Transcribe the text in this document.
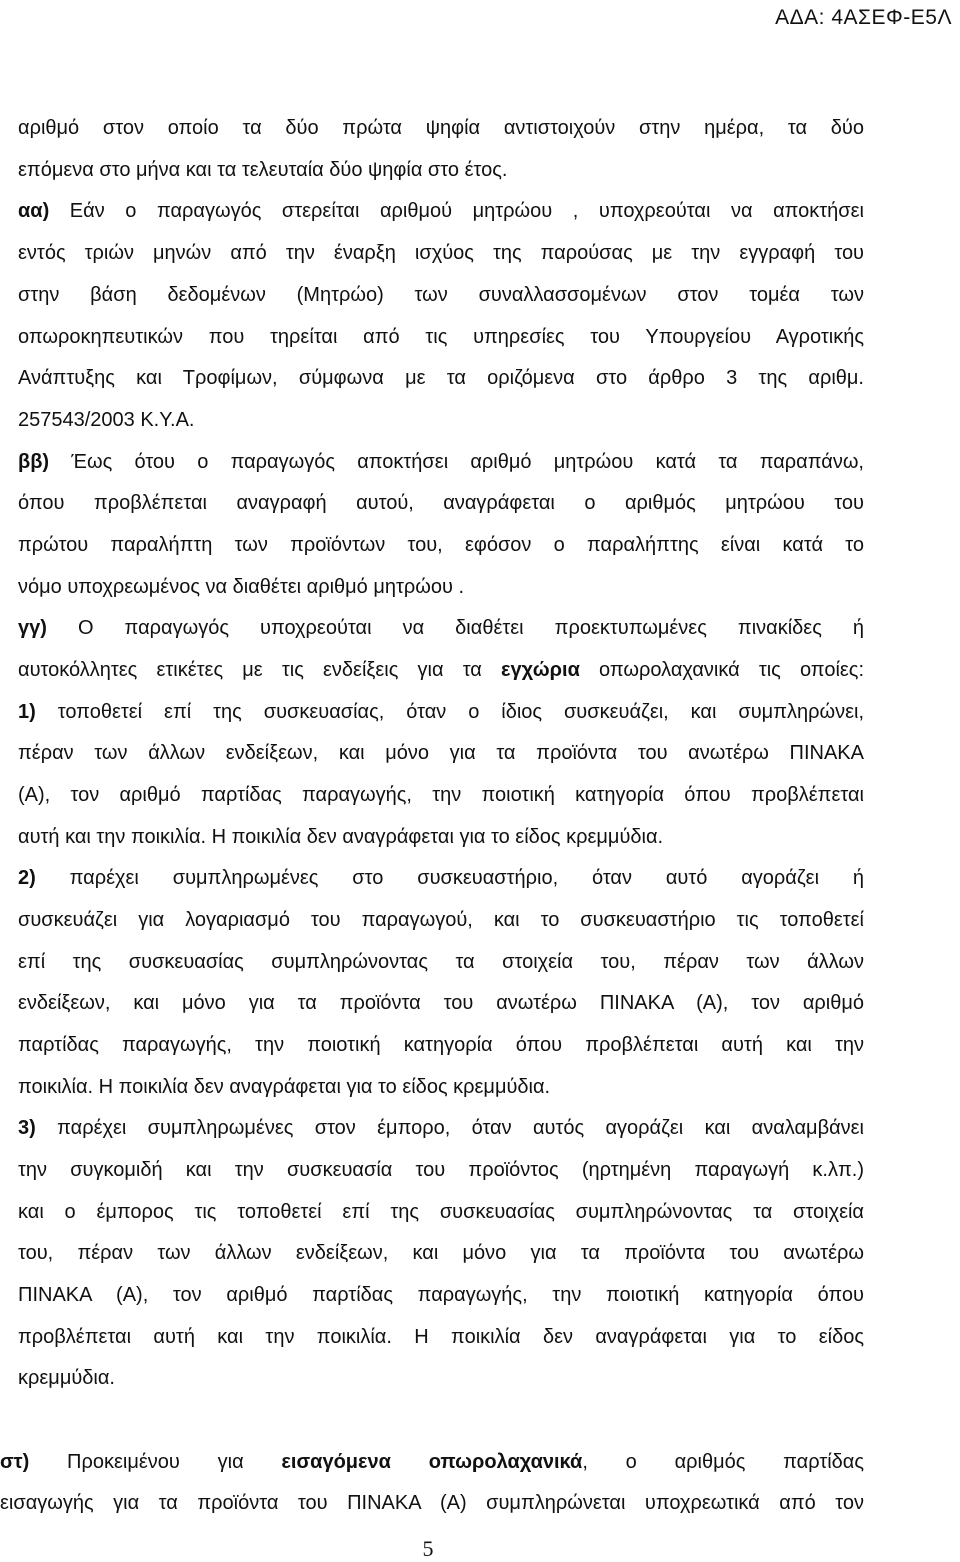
ΑΔΑ: 4ΑΣΕΦ-Ε5Λ
αριθμό στον οποίο τα δύο πρώτα ψηφία αντιστοιχούν στην ημέρα, τα δύο
επόμενα στο μήνα και τα τελευταία δύο ψηφία στο έτος.
αα) Εάν ο παραγωγός στερείται αριθμού μητρώου , υποχρεούται να αποκτήσει
εντός τριών μηνών από την έναρξη ισχύος της παρούσας με την εγγραφή του
στην βάση δεδομένων (Μητρώο) των συναλλασσομένων στον τομέα των
οπωροκηπευτικών που τηρείται από τις υπηρεσίες του Υπουργείου Αγροτικής
Ανάπτυξης και Τροφίμων, σύμφωνα με τα οριζόμενα στο άρθρο 3 της αριθμ.
257543/2003 Κ.Υ.Α.
ββ) Έως ότου ο παραγωγός αποκτήσει αριθμό μητρώου κατά τα παραπάνω,
όπου προβλέπεται αναγραφή αυτού, αναγράφεται ο αριθμός μητρώου του
πρώτου παραλήπτη των προϊόντων του, εφόσον ο παραλήπτης είναι κατά το
νόμο υποχρεωμένος να διαθέτει αριθμό μητρώου .
γγ) Ο παραγωγός υποχρεούται να διαθέτει προεκτυπωμένες πινακίδες ή
αυτοκόλλητες ετικέτες με τις ενδείξεις για τα εγχώρια οπωρολαχανικά τις οποίες:
1) τοποθετεί επί της συσκευασίας, όταν ο ίδιος συσκευάζει, και συμπληρώνει,
πέραν των άλλων ενδείξεων, και μόνο για τα προϊόντα του ανωτέρω ΠΙΝΑΚΑ
(Α), τον αριθμό παρτίδας παραγωγής, την ποιοτική κατηγορία όπου προβλέπεται
αυτή και την ποικιλία. Η ποικιλία δεν αναγράφεται για το είδος κρεμμύδια.
2) παρέχει συμπληρωμένες στο συσκευαστήριο, όταν αυτό αγοράζει ή
συσκευάζει για λογαριασμό του παραγωγού, και το συσκευαστήριο τις τοποθετεί
επί της συσκευασίας συμπληρώνοντας τα στοιχεία του, πέραν των άλλων
ενδείξεων, και μόνο για τα προϊόντα του ανωτέρω ΠΙΝΑΚΑ (Α), τον αριθμό
παρτίδας παραγωγής, την ποιοτική κατηγορία όπου προβλέπεται αυτή και την
ποικιλία. Η ποικιλία δεν αναγράφεται για το είδος κρεμμύδια.
3) παρέχει συμπληρωμένες στον έμπορο, όταν αυτός αγοράζει και αναλαμβάνει
την συγκομιδή και την συσκευασία του προϊόντος (ηρτημένη παραγωγή κ.λπ.)
και ο έμπορος τις τοποθετεί επί της συσκευασίας συμπληρώνοντας τα στοιχεία
του, πέραν των άλλων ενδείξεων, και μόνο για τα προϊόντα του ανωτέρω
ΠΙΝΑΚΑ (Α), τον αριθμό παρτίδας παραγωγής, την ποιοτική κατηγορία όπου
προβλέπεται αυτή και την ποικιλία. Η ποικιλία δεν αναγράφεται για το είδος
κρεμμύδια.
στ) Προκειμένου για εισαγόμενα οπωρολαχανικά, ο αριθμός παρτίδας
εισαγωγής για τα προϊόντα του ΠΙΝΑΚΑ (Α) συμπληρώνεται υποχρεωτικά από τον
5
